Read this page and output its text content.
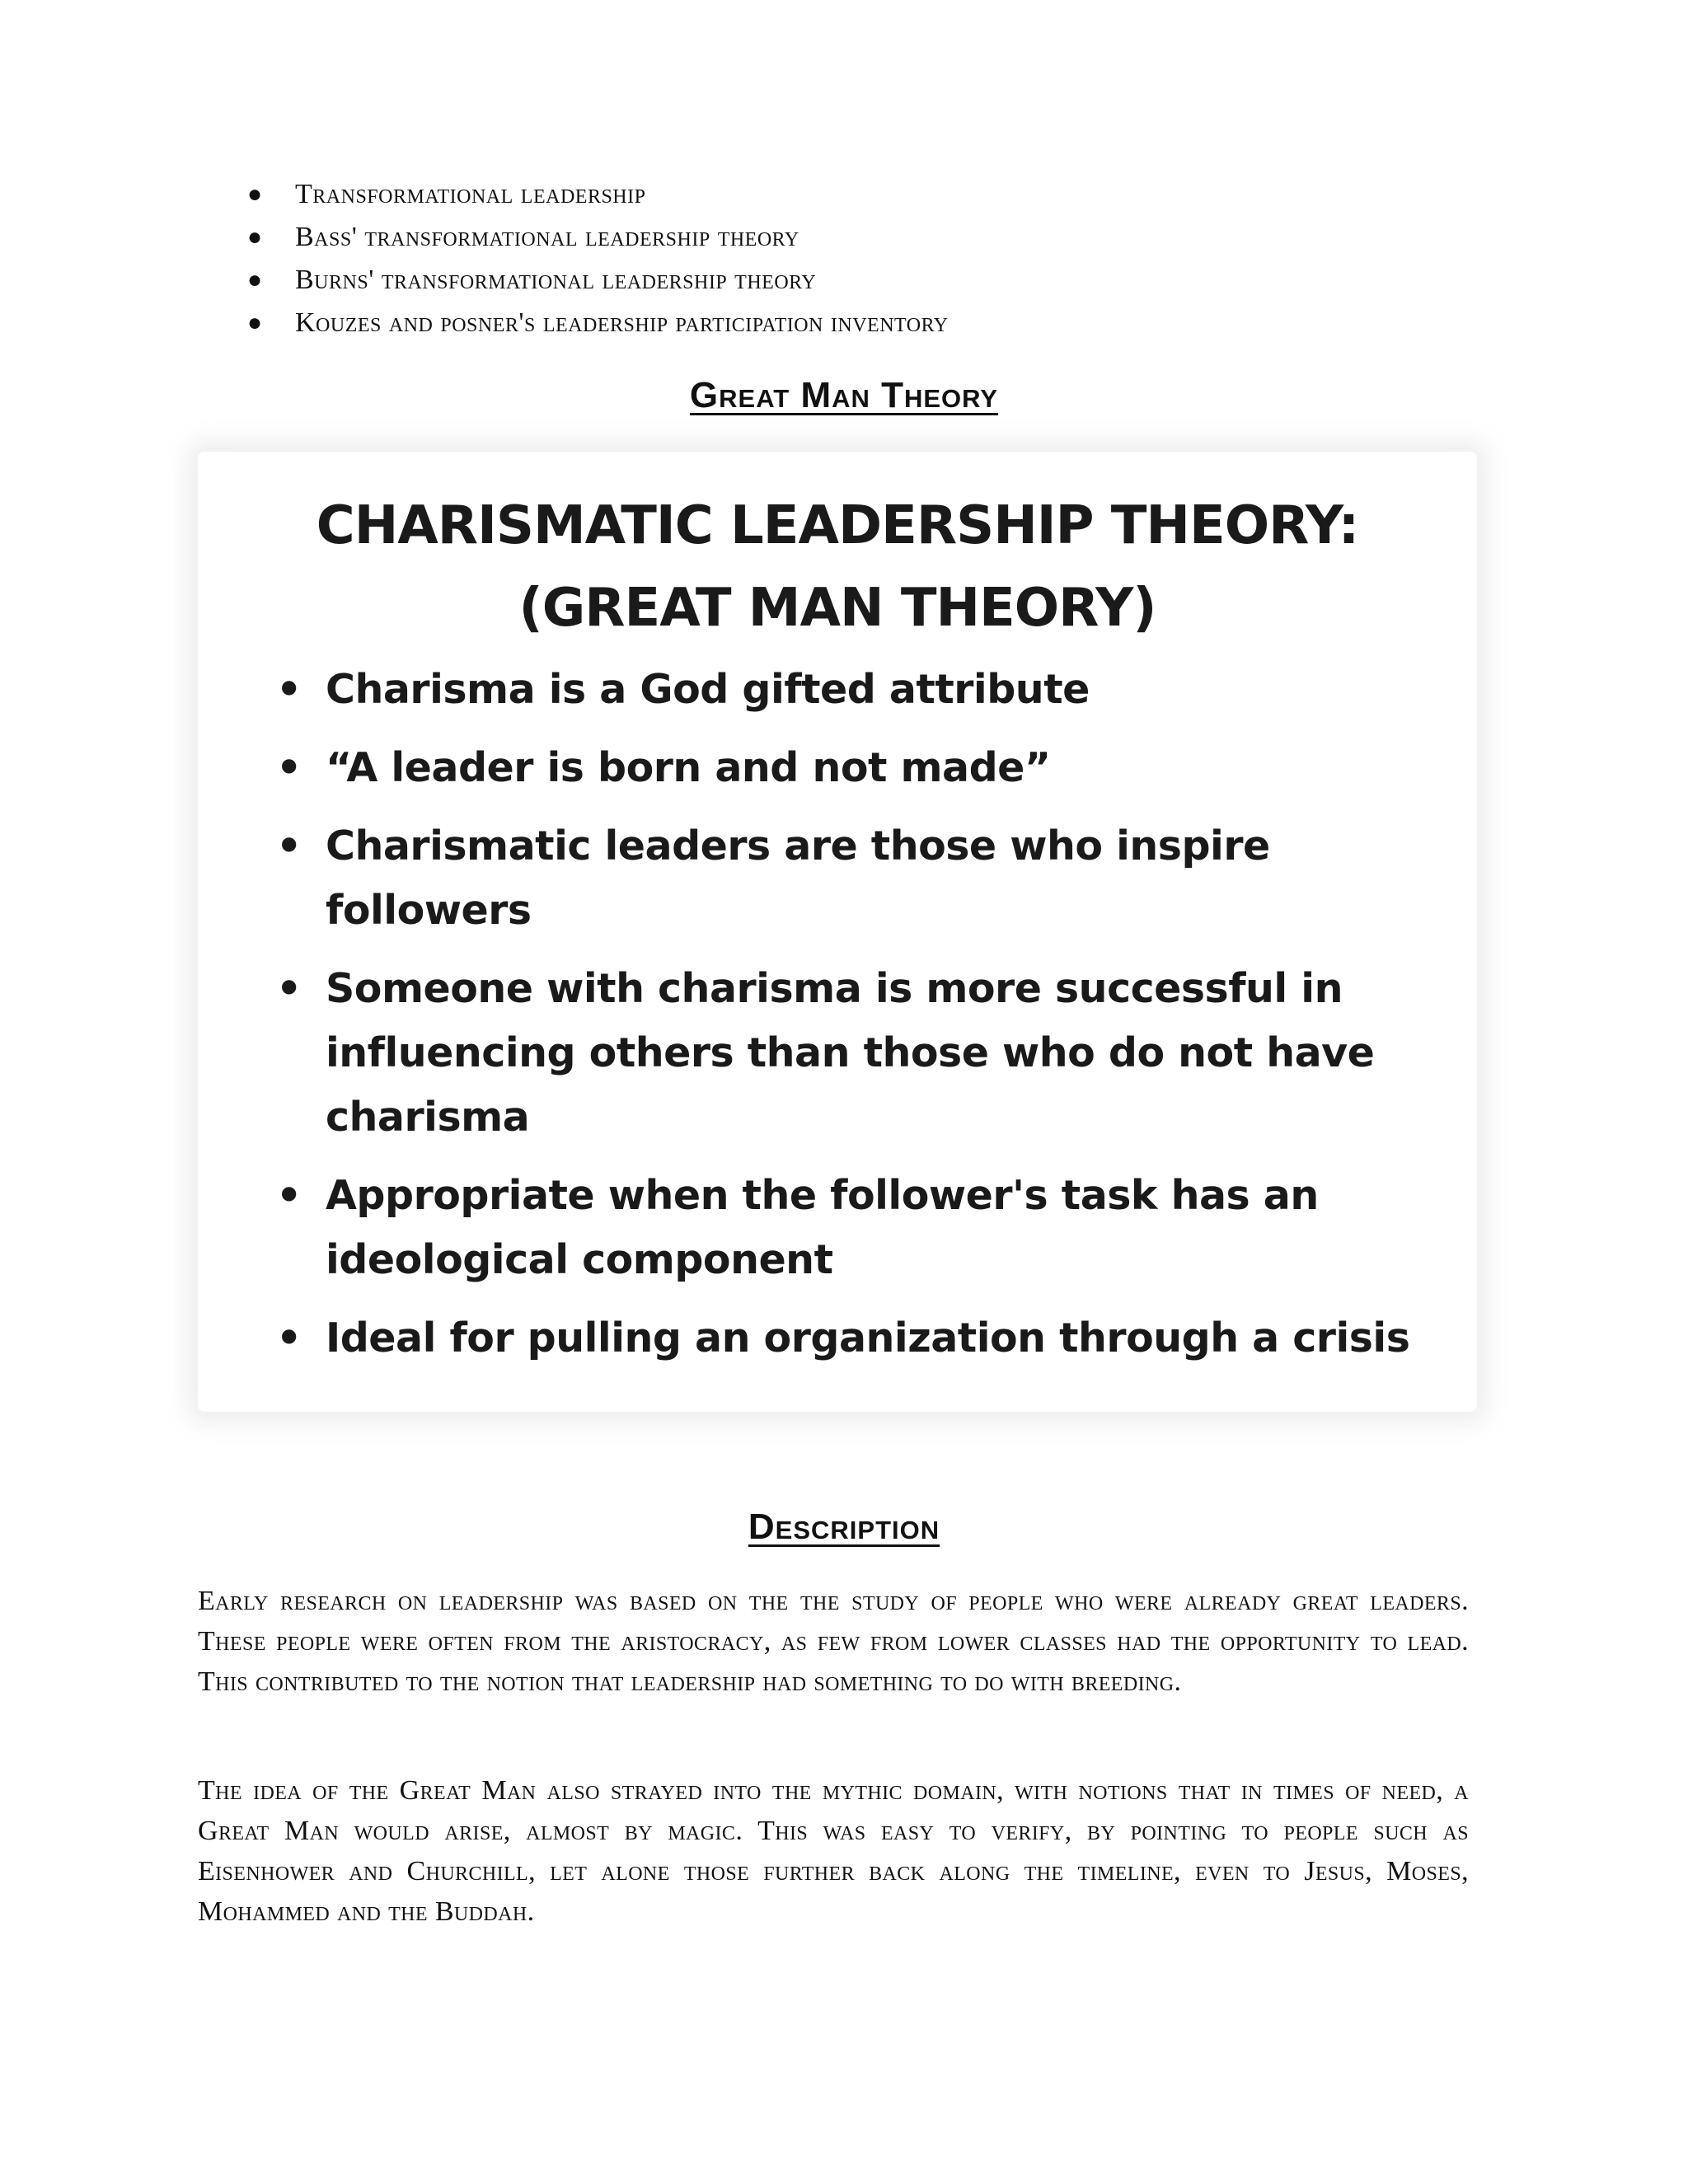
● Transformational leadership
● Bass' transformational leadership theory
● Burns' transformational leadership theory
● Kouzes and posner's leadership participation inventory
Great Man Theory
CHARISMATIC LEADERSHIP THEORY:
(GREAT MAN THEORY)
• Charisma is a God gifted attribute
• “A leader is born and not made”
• Charismatic leaders are those who inspire followers
• Someone with charisma is more successful in influencing others than those who do not have charisma
• Appropriate when the follower's task has an ideological component
• Ideal for pulling an organization through a crisis
Description

Early research on leadership was based on the the study of people who were already great leaders. These people were often from the aristocracy, as few from lower classes had the opportunity to lead. This contributed to the notion that leadership had something to do with breeding.

The idea of the Great Man also strayed into the mythic domain, with notions that in times of need, a Great Man would arise, almost by magic. This was easy to verify, by pointing to people such as Eisenhower and Churchill, let alone those further back along the timeline, even to Jesus, Moses, Mohammed and the Buddah.
